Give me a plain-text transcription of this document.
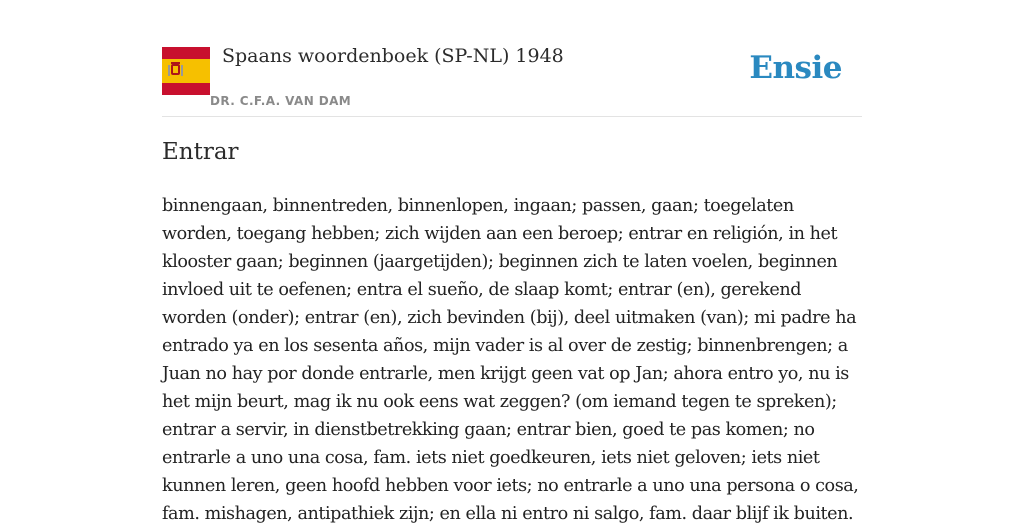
Spaans woordenboek (SP-NL) 1948
DR. C.F.A. VAN DAM
Ensie
Entrar
binnengaan, binnentreden, binnenlopen, ingaan; passen, gaan; toegelaten worden, toegang hebben; zich wijden aan een beroep; entrar en religión, in het klooster gaan; beginnen (jaargetijden); beginnen zich te laten voelen, beginnen invloed uit te oefenen; entra el sueño, de slaap komt; entrar (en), gerekend worden (onder); entrar (en), zich bevinden (bij), deel uitmaken (van); mi padre ha entrado ya en los sesenta años, mijn vader is al over de zestig; binnenbrengen; a Juan no hay por donde entrarle, men krijgt geen vat op Jan; ahora entro yo, nu is het mijn beurt, mag ik nu ook eens wat zeggen? (om iemand tegen te spreken); entrar a servir, in dienstbetrekking gaan; entrar bien, goed te pas komen; no entrarle a uno una cosa, fam. iets niet goedkeuren, iets niet geloven; iets niet kunnen leren, geen hoofd hebben voor iets; no entrarle a uno una persona o cosa, fam. mishagen, antipathiek zijn; en ella ni entro ni salgo, fam. daar blijf ik buiten.
